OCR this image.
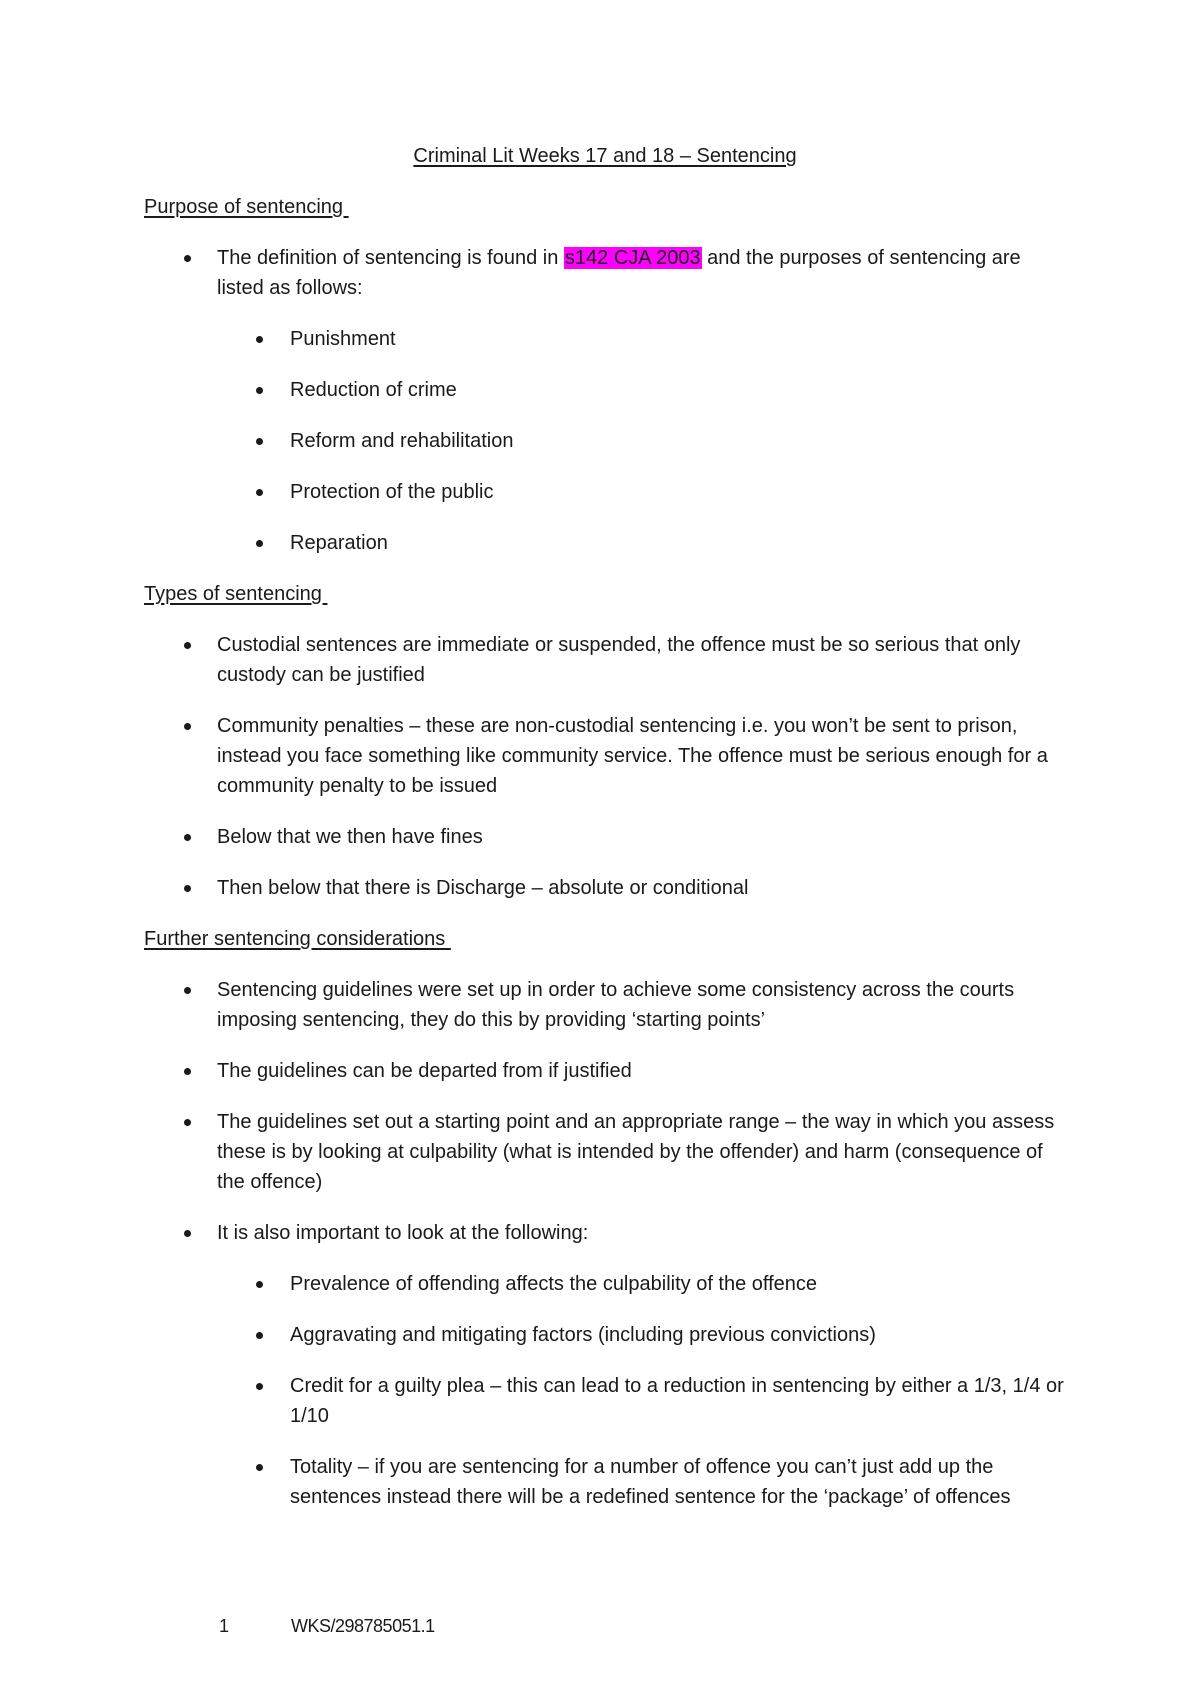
Criminal Lit Weeks 17 and 18 – Sentencing
Purpose of sentencing
The definition of sentencing is found in s142 CJA 2003 and the purposes of sentencing are listed as follows:
Punishment
Reduction of crime
Reform and rehabilitation
Protection of the public
Reparation
Types of sentencing
Custodial sentences are immediate or suspended, the offence must be so serious that only custody can be justified
Community penalties – these are non-custodial sentencing i.e. you won’t be sent to prison, instead you face something like community service. The offence must be serious enough for a community penalty to be issued
Below that we then have fines
Then below that there is Discharge – absolute or conditional
Further sentencing considerations
Sentencing guidelines were set up in order to achieve some consistency across the courts imposing sentencing, they do this by providing ‘starting points’
The guidelines can be departed from if justified
The guidelines set out a starting point and an appropriate range – the way in which you assess these is by looking at culpability (what is intended by the offender) and harm (consequence of the offence)
It is also important to look at the following:
Prevalence of offending affects the culpability of the offence
Aggravating and mitigating factors (including previous convictions)
Credit for a guilty plea – this can lead to a reduction in sentencing by either a 1/3, 1/4 or 1/10
Totality – if you are sentencing for a number of offence you can’t just add up the sentences instead there will be a redefined sentence for the ‘package’ of offences
1	WKS/298785051.1
